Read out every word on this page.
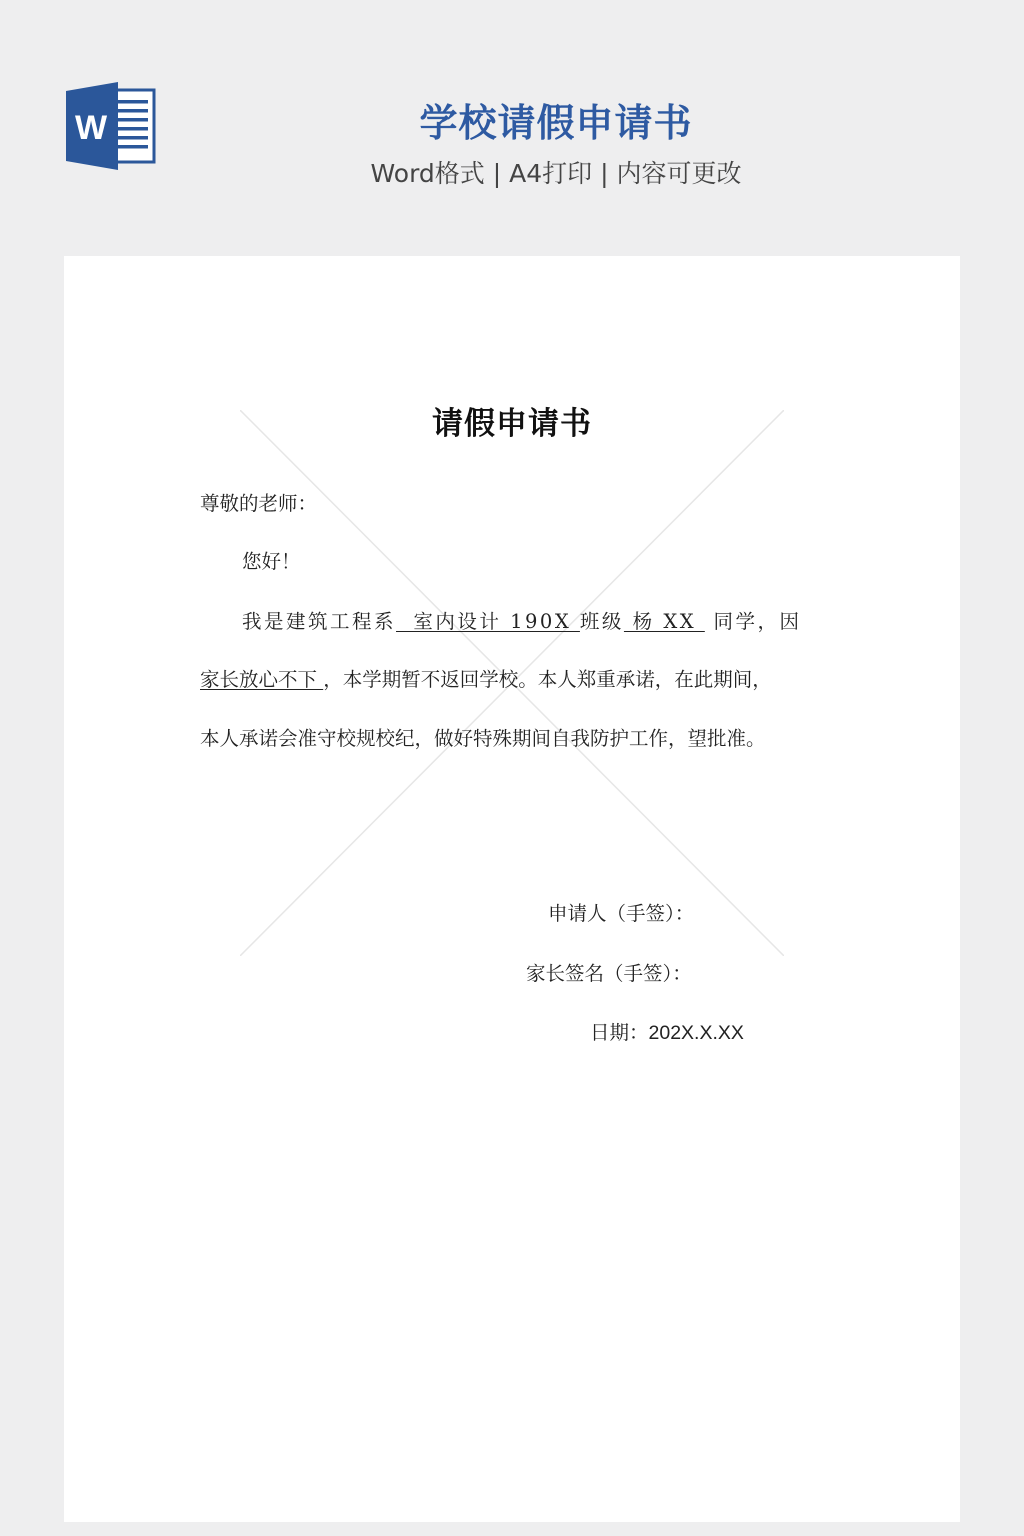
W	学校请假申请书
Word格式 | A4打印 | 内容可更改
请假申请书
尊敬的老师：
您好！
我是建筑工程系  室内设计 190X 班级 杨 XX  同学，因
家长放心不下 ，本学期暂不返回学校。本人郑重承诺，在此期间，
本人承诺会准守校规校纪，做好特殊期间自我防护工作，望批准。
申请人（手签）：
家长签名（手签）：
日期：202X.X.XX
